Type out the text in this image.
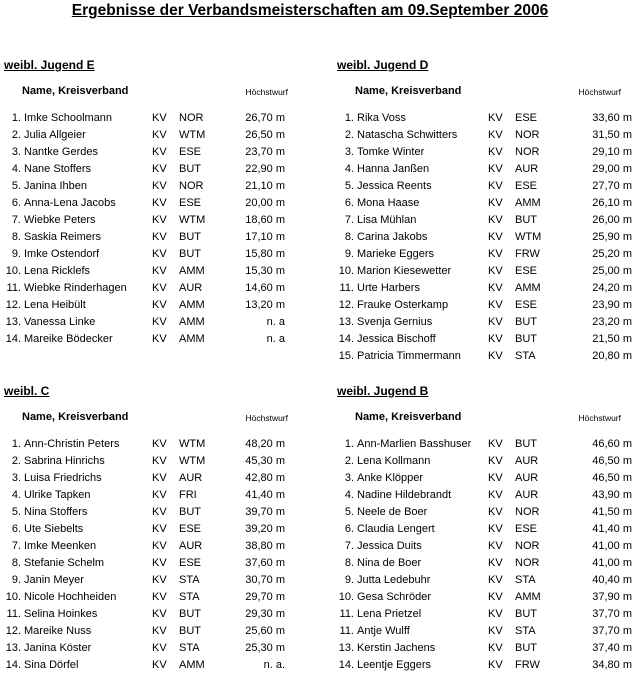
Ergebnisse der Verbandsmeisterschaften am 09.September 2006
weibl. Jugend E
Name, Kreisverband	Höchstwurf
1. Imke Schoolmann	KV NOR	26,70 m
2. Julia Allgeier	KV WTM	26,50 m
3. Nantke Gerdes	KV ESE	23,70 m
4. Nane Stoffers	KV BUT	22,90 m
5. Janina Ihben	KV NOR	21,10 m
6. Anna-Lena Jacobs	KV ESE	20,00 m
7. Wiebke Peters	KV WTM	18,60 m
8. Saskia Reimers	KV BUT	17,10 m
9. Imke Ostendorf	KV BUT	15,80 m
10. Lena Ricklefs	KV AMM	15,30 m
11. Wiebke Rinderhagen KV AUR	14,60 m
12. Lena Heibült	KV AMM	13,20 m
13. Vanessa Linke	KV AMM	n. a
14. Mareike Bödecker	KV AMM	n. a
weibl. Jugend D
Name, Kreisverband	Höchstwurf
1. Rika Voss	KV ESE	33,60 m
2. Natascha Schwitters	KV NOR	31,50 m
3. Tomke Winter	KV NOR	29,10 m
4. Hanna Janßen	KV AUR	29,00 m
5. Jessica Reents	KV ESE	27,70 m
6. Mona Haase	KV AMM	26,10 m
7. Lisa Mühlan	KV BUT	26,00 m
8. Carina Jakobs	KV WTM	25,90 m
9. Marieke Eggers	KV FRW	25,20 m
10. Marion Kiesewetter	KV ESE	25,00 m
11. Urte Harbers	KV AMM	24,20 m
12. Frauke Osterkamp	KV ESE	23,90 m
13. Svenja Gernius	KV BUT	23,20 m
14. Jessica Bischoff	KV BUT	21,50 m
15. Patricia Timmermann KV STA	20,80 m
weibl. C
Name, Kreisverband	Höchstwurf
1. Ann-Christin Peters	KV WTM	48,20 m
2. Sabrina Hinrichs	KV WTM	45,30 m
3. Luisa Friedrichs	KV AUR	42,80 m
4. Ulrike Tapken	KV FRI	41,40 m
5. Nina Stoffers	KV BUT	39,70 m
6. Ute Siebelts	KV ESE	39,20 m
7. Imke Meenken	KV AUR	38,80 m
8. Stefanie Schelm	KV ESE	37,60 m
9. Janin Meyer	KV STA	30,70 m
10. Nicole Hochheiden	KV STA	29,70 m
11. Selina Hoinkes	KV BUT	29,30 m
12. Mareike Nuss	KV BUT	25,60 m
13. Janina Köster	KV STA	25,30 m
14. Sina Dörfel	KV AMM	n. a.
weibl. Jugend B
Name, Kreisverband	Höchstwurf
1. Ann-Marlien Basshuser KV BUT	46,60 m
2. Lena Kollmann	KV AUR	46,50 m
3. Anke Klöpper	KV AUR	46,50 m
4. Nadine Hildebrandt	KV AUR	43,90 m
5. Neele de Boer	KV NOR	41,50 m
6. Claudia Lengert	KV ESE	41,40 m
7. Jessica Duits	KV NOR	41,00 m
8. Nina de Boer	KV NOR	41,00 m
9. Jutta Ledebuhr	KV STA	40,40 m
10. Gesa Schröder	KV AMM	37,90 m
11. Lena Prietzel	KV BUT	37,70 m
11. Antje Wulff	KV STA	37,70 m
13. Kerstin Jachens	KV BUT	37,40 m
14. Leentje Eggers	KV FRW	34,80 m
